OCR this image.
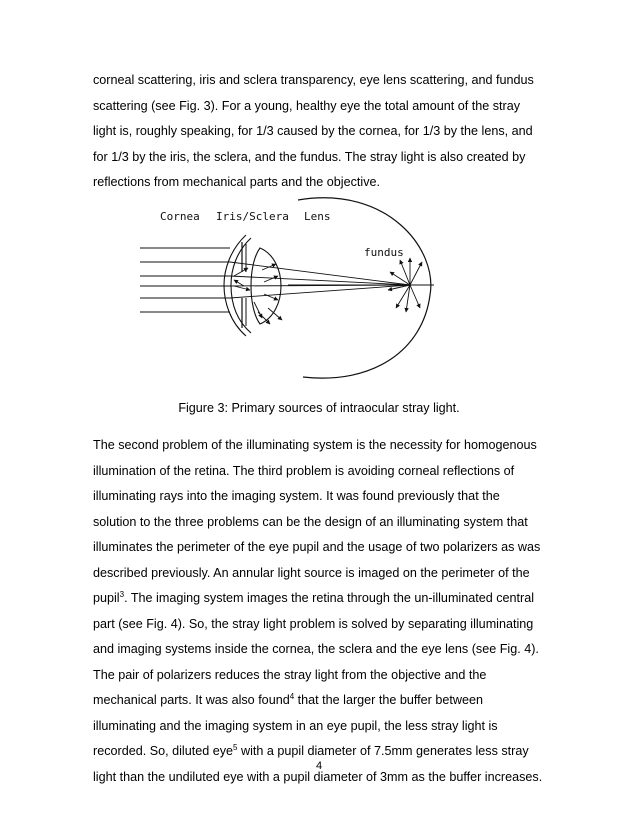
corneal scattering, iris and sclera transparency, eye lens scattering, and fundus
scattering (see Fig. 3). For a young, healthy eye the total amount of the stray
light is, roughly speaking, for 1/3 caused by the cornea, for 1/3 by the lens, and
for 1/3 by the iris, the sclera, and the fundus. The stray light is also created by
reflections from mechanical parts and the objective.
Cornea Iris/Sclera Lens
fundus
Figure 3: Primary sources of intraocular stray light.
The second problem of the illuminating system is the necessity for homogenous
illumination of the retina. The third problem is avoiding corneal reflections of
illuminating rays into the imaging system. It was found previously that the
solution to the three problems can be the design of an illuminating system that
illuminates the perimeter of the eye pupil and the usage of two polarizers as was
described previously. An annular light source is imaged on the perimeter of the
pupil$^3$. The imaging system images the retina through the un-illuminated central
part (see Fig. 4). So, the stray light problem is solved by separating illuminating
and imaging systems inside the cornea, the sclera and the eye lens (see Fig. 4).
The pair of polarizers reduces the stray light from the objective and the
mechanical parts. It was also found$^4$ that the larger the buffer between
illuminating and the imaging system in an eye pupil, the less stray light is
recorded. So, diluted eye$^5$ with a pupil diameter of 7.5mm generates less stray
light than the undiluted eye with a pupil diameter of 3mm as the buffer increases.
4
